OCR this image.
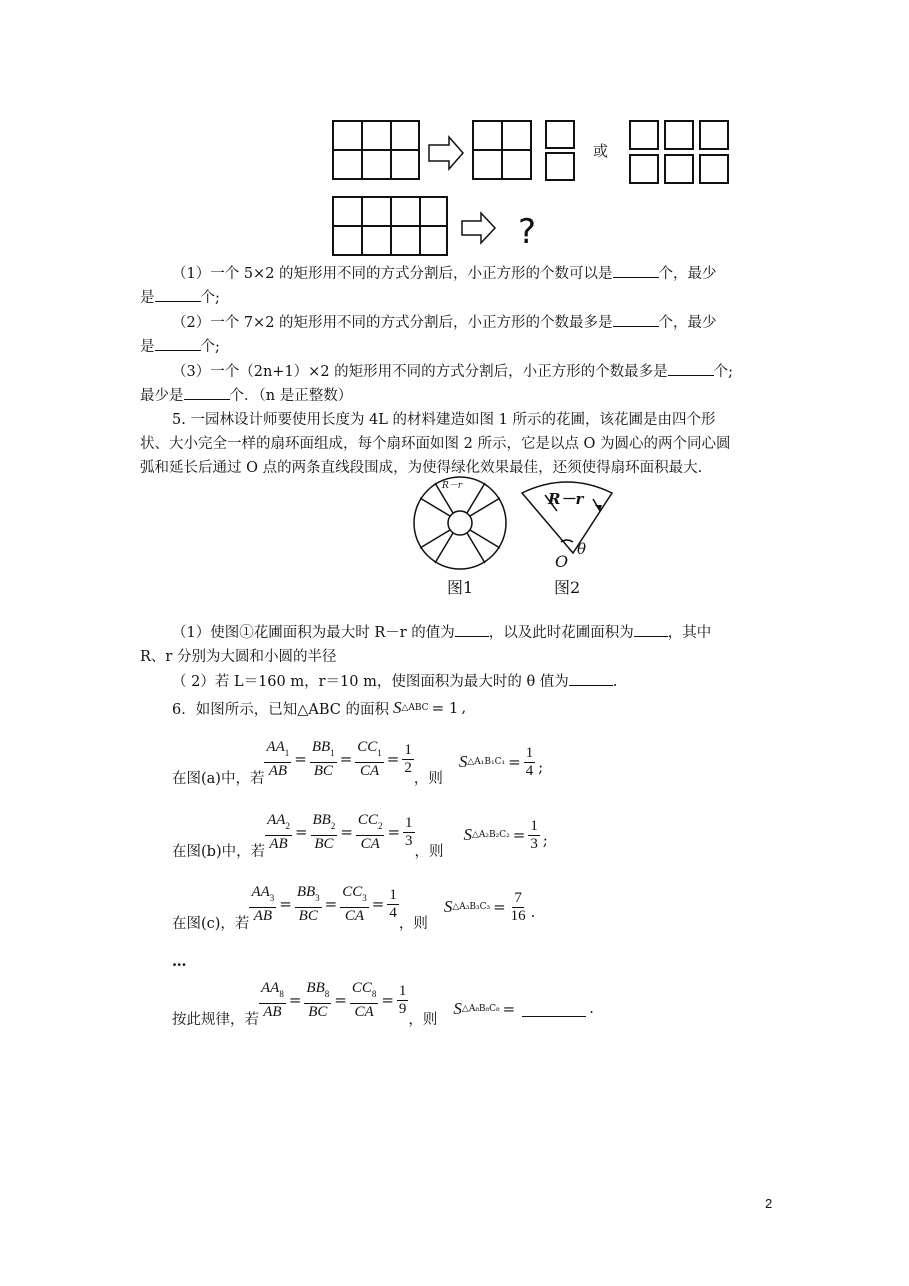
或
?
（1）一个 5×2 的矩形用不同的方式分割后，小正方形的个数可以是	个，最少
是	个;
（2）一个 7×2 的矩形用不同的方式分割后，小正方形的个数最多是	个，最少
是	个;
（3）一个（2n+1）×2 的矩形用不同的方式分割后，小正方形的个数最多是	个;
最少是	个．（n 是正整数）
5. 一园林设计师要使用长度为 4L 的材料建造如图 1 所示的花圃，该花圃是由四个形
状、大小完全一样的扇环面组成，每个扇环面如图 2 所示，它是以点 O 为圆心的两个同心圆
弧和延长后通过 O 点的两条直线段围成，为使得绿化效果最佳，还须使得扇环面积最大.
R－r
R－r
O
θ
图1	图2
（1）使图①花圃面积为最大时 R－r 的值为 ，以及此时花圃面积为 ，其中
R、r 分别为大圆和小圆的半径
（ 2）若 L＝160 m，r＝10 m，使图面积为最大时的 θ 值为	.
6．如图所示，已知△ABC 的面积 S △ABC = 1 ,
在图(a)中，若 $\frac{AA_1}{AB} = \frac{BB_1}{BC} = \frac{CC_1}{CA} = \frac{1}{2}$
，则
S △A₁B₁C₁ = $\frac{1}{4}$ ;
在图(b)中，若 $\frac{AA_2}{AB} = \frac{BB_2}{BC} = \frac{CC_2}{CA} = \frac{1}{3}$
，则
S △A₂B₂C₂ = $\frac{1}{3}$ ;
在图(c)，若 $\frac{AA_3}{AB} = \frac{BB_3}{BC} = \frac{CC_3}{CA} = \frac{1}{4}$
，则
S △A₃B₃C₃ = $\frac{7}{16}$ .
…
按此规律，若 $\frac{AA_8}{AB} = \frac{BB_8}{BC} = \frac{CC_8}{CA} = \frac{1}{9}$
，则
S △A₈B₈C₈ =	.
2
